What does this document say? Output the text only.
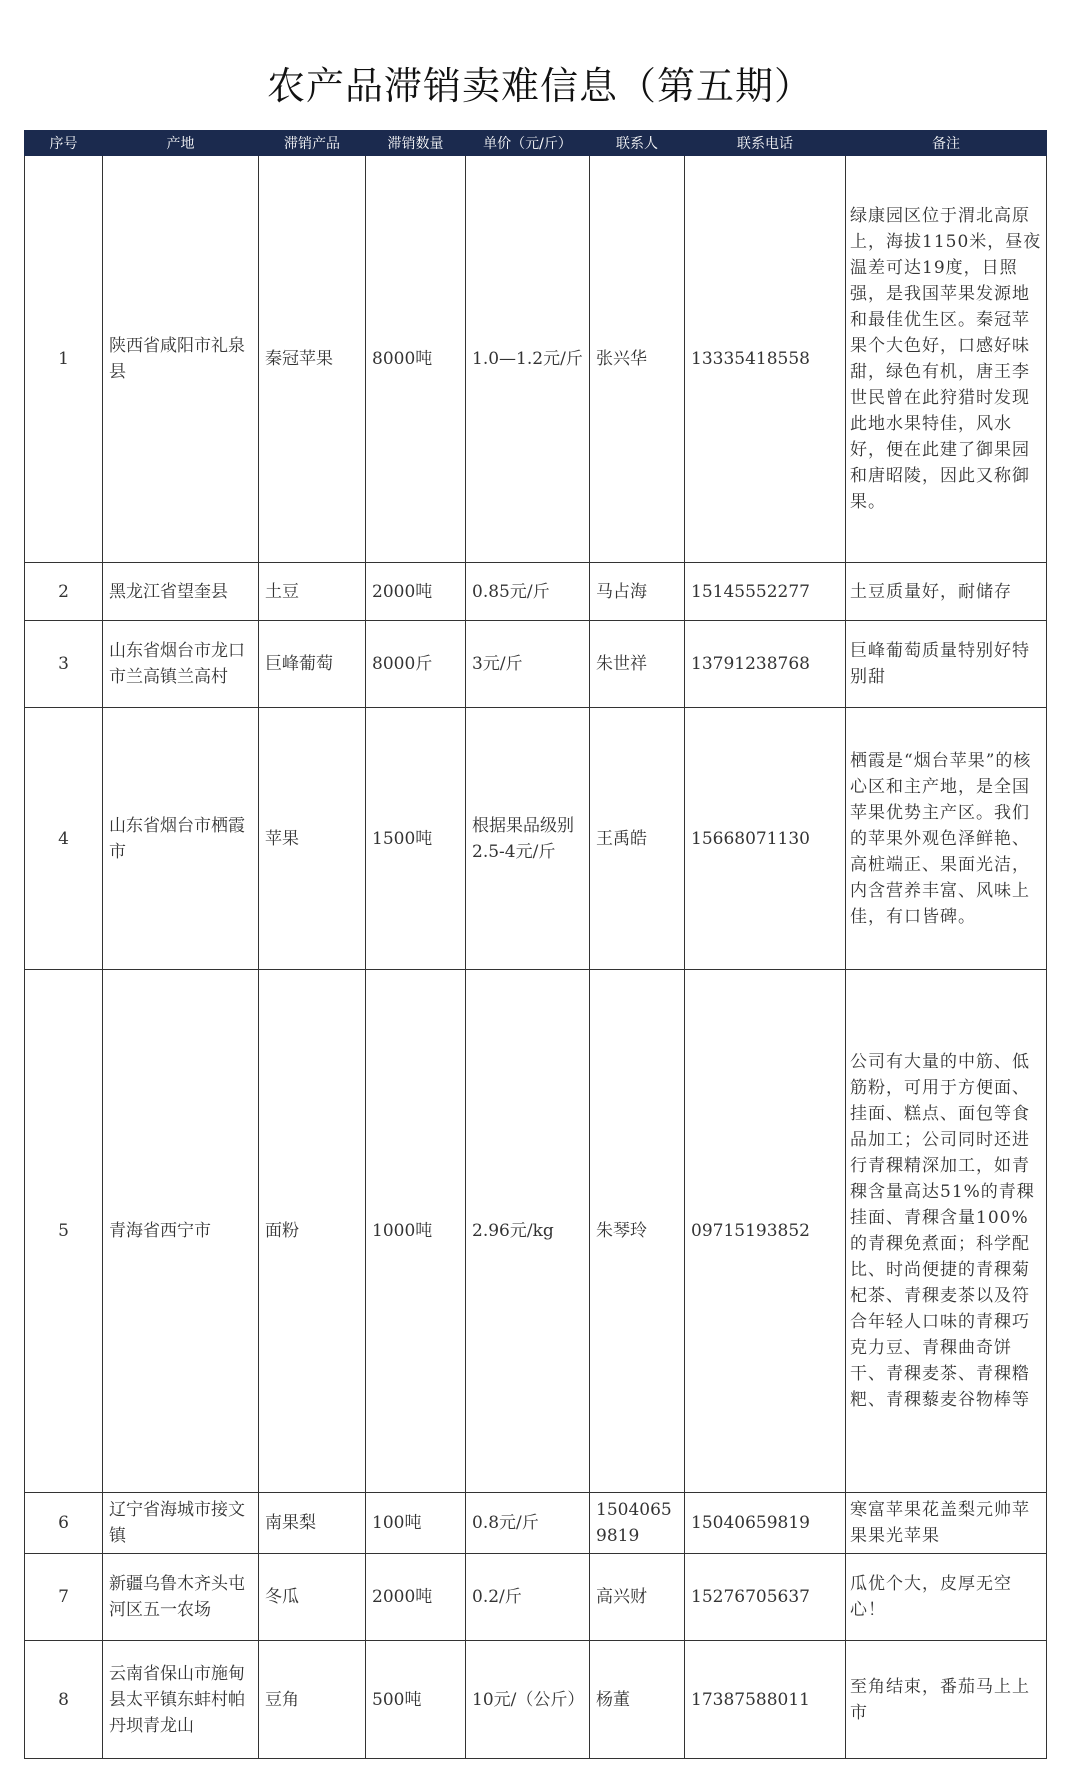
农产品滞销卖难信息（第五期）
序号	产地	滞销产品	滞销数量	单价（元/斤）	联系人	联系电话	备注
1	陕西省咸阳市礼泉县	秦冠苹果	8000吨	1.0—1.2元/斤	张兴华	13335418558	绿康园区位于渭北高原上，海拔1150米，昼夜温差可达19度，日照强，是我国苹果发源地和最佳优生区。秦冠苹果个大色好，口感好味甜，绿色有机，唐王李世民曾在此狩猎时发现此地水果特佳，风水好，便在此建了御果园和唐昭陵，因此又称御果。
2	黑龙江省望奎县	土豆	2000吨	0.85元/斤	马占海	15145552277	土豆质量好，耐储存
3	山东省烟台市龙口市兰高镇兰高村	巨峰葡萄	8000斤	3元/斤	朱世祥	13791238768	巨峰葡萄质量特别好特别甜
4	山东省烟台市栖霞市	苹果	1500吨	根据果品级别2.5-4元/斤	王禹皓	15668071130	栖霞是“烟台苹果”的核心区和主产地，是全国苹果优势主产区。我们的苹果外观色泽鲜艳、高桩端正、果面光洁，内含营养丰富、风味上佳，有口皆碑。
5	青海省西宁市	面粉	1000吨	2.96元/kg	朱琴玲	09715193852	公司有大量的中筋、低筋粉，可用于方便面、挂面、糕点、面包等食品加工；公司同时还进行青稞精深加工，如青稞含量高达51%的青稞挂面、青稞含量100%的青稞免煮面；科学配比、时尚便捷的青稞菊杞茶、青稞麦茶以及符合年轻人口味的青稞巧克力豆、青稞曲奇饼干、青稞麦茶、青稞糌粑、青稞藜麦谷物棒等
6	辽宁省海城市接文镇	南果梨	100吨	0.8元/斤	15040659819	15040659819	寒富苹果花盖梨元帅苹果果光苹果
7	新疆乌鲁木齐头屯河区五一农场	冬瓜	2000吨	0.2/斤	高兴财	15276705637	瓜优个大，皮厚无空心！
8	云南省保山市施甸县太平镇东蚌村帕丹坝青龙山	豆角	500吨	10元/（公斤）	杨董	17387588011	至角结束，番茄马上上市
